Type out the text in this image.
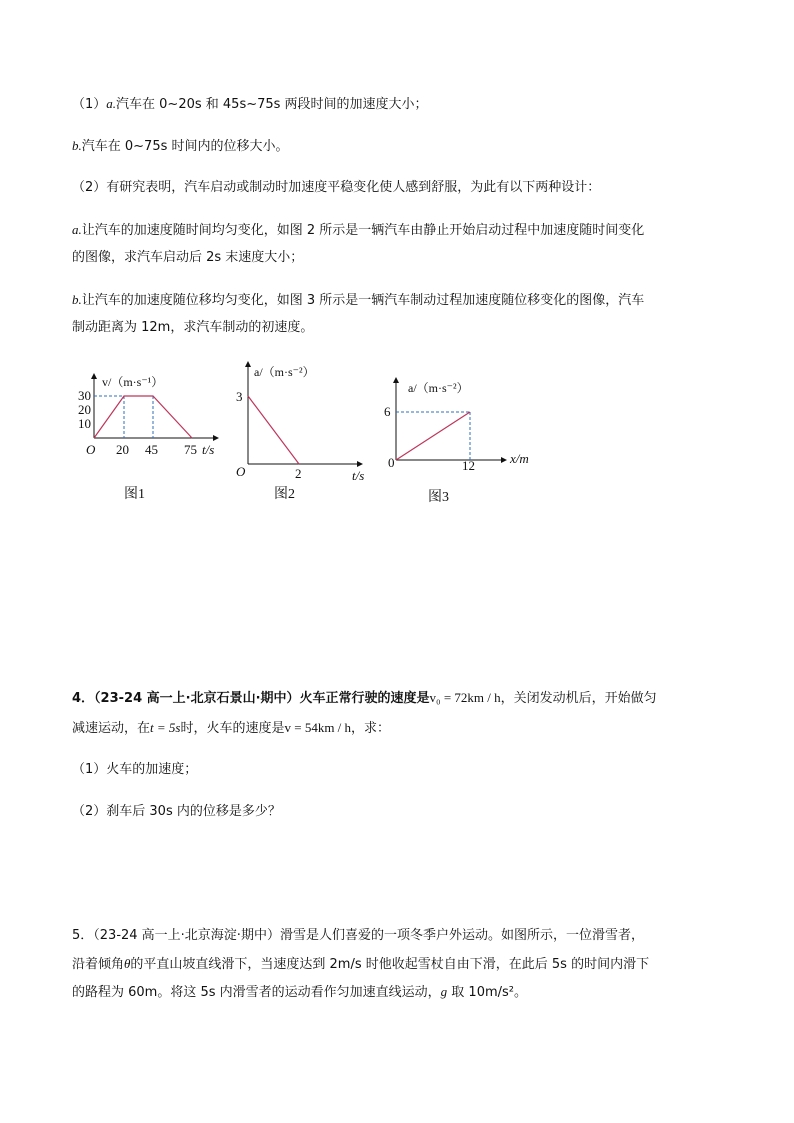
（1）a.汽车在 0~20s 和 45s~75s 两段时间的加速度大小；
b.汽车在 0~75s 时间内的位移大小。
（2）有研究表明，汽车启动或制动时加速度平稳变化使人感到舒服，为此有以下两种设计：
a.让汽车的加速度随时间均匀变化，如图 2 所示是一辆汽车由静止开始启动过程中加速度随时间变化
的图像，求汽车启动后 2s 末速度大小；
b.让汽车的加速度随位移均匀变化，如图 3 所示是一辆汽车制动过程加速度随位移变化的图像，汽车
制动距离为 12m，求汽车制动的初速度。
v/（m·s⁻¹）
30
20
10
O 20 45 75 t/s
图1
a/（m·s⁻²）
3
O	2	t/s
图2
a/（m·s⁻²）
6
0	12	x/m
图3
4．（23-24 高一上·北京石景山·期中）火车正常行驶的速度是v₀ = 72km / h，关闭发动机后，开始做匀
减速运动，在t = 5s时，火车的速度是v = 54km / h，求：
（1）火车的加速度；
（2）刹车后 30s 内的位移是多少？
5．（23-24 高一上·北京海淀·期中）滑雪是人们喜爱的一项冬季户外运动。如图所示，一位滑雪者，
沿着倾角θ的平直山坡直线滑下，当速度达到 2m/s 时他收起雪杖自由下滑，在此后 5s 的时间内滑下
的路程为 60m。将这 5s 内滑雪者的运动看作匀加速直线运动，g 取 10m/s²。
